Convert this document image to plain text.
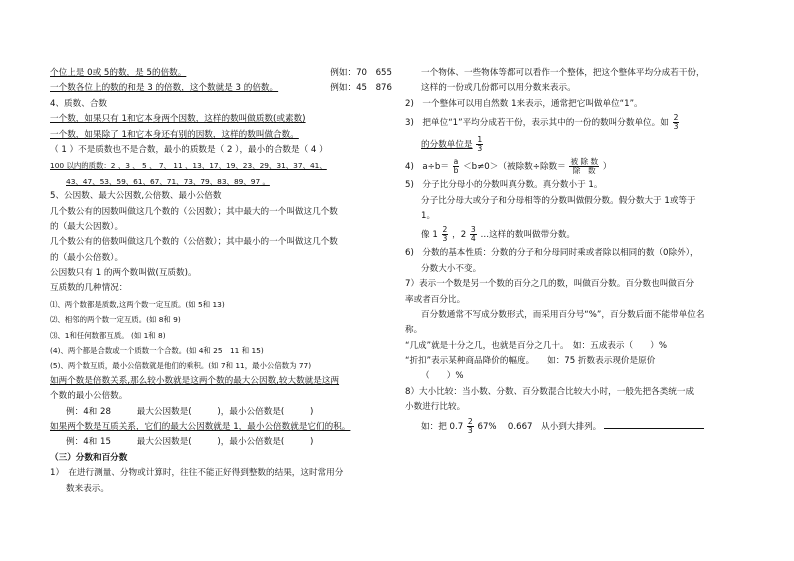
个位上是 0或 5的数，是 5的倍数。	例如：70　655
一个数各位上的数的和是 3 的倍数，这个数就是 3 的倍数。	例如：45　876
4、质数、合数
一个数，如果只有 1和它本身两个因数，这样的数叫做质数(或素数)
一个数，如果除了 1和它本身还有别的因数，这样的数叫做合数。
（ 1 ）不是质数也不是合数，最小的质数是（ 2 ），最小的合数是（ 4 ）
100 以内的质数：2 、3 、 5 、 7、 11 、13、17、19、23、29、31、37、41、
43、47、53、59、61、67、71、73、79、83、89、97 。
5、公因数、最大公因数,公倍数、最小公倍数
几个数公有的因数叫做这几个数的（公因数）；其中最大的一个叫做这几个数
的（最大公因数）。
几个数公有的倍数叫做这几个数的（公倍数）；其中最小的一个叫做这几个数
的（最小公倍数）。
公因数只有 1 的两个数叫做(互质数)。
互质数的几种情况：
⑴、两个数都是质数,这两个数一定互质。(如 5和 13)
⑵、相邻的两个数一定互质。(如 8和 9)
⑶、1和任何数都互质。 (如 1和 8)
(4)、两个都是合数或一个质数一个合数。(如 4和 25　11 和 15)
(5)、两个数互质，最小公倍数就是他们的乘积。(如 7和 11，最小公倍数为 77)
如两个数是倍数关系,那么较小数就是这两个数的最大公因数,较大数就是这两
个数的最小公倍数。
例：4和 28　　　	最大公因数是(　　　)，最小公倍数是(　　　)
如果两个数是互质关系，它们的最大公因数就是 1，最小公倍数就是它们的积。
例：4和 15　　　	最大公因数是(　　　)，最小公倍数是(　　　)
（三）分数和百分数
1）　在进行测量、分物或计算时，往往不能正好得到整数的结果，这时常用分
数来表示。
一个物体、一些物体等都可以看作一个整体，把这个整体平均分成若干份，
这样的一份或几份都可以用分数来表示。
2)　一个整体可以用自然数 1来表示，通常把它叫做单位“1”。
3)　把单位“1”平均分成若干份，表示其中的一份的数叫分数单位。如 $\frac{2}{3}$
的分数单位是 $\frac{1}{3}$
4)　$a\div b= \frac{a}{b} <b\ne 0>$（被除数÷除数＝ $\frac{\text{被 除 数}}{\text{除　数}}$ ）
5)　分子比分母小的分数叫真分数。真分数小于 1。
分子比分母大或分子和分母相等的分数叫做假分数。假分数大于 1或等于
1。
像 $1 \frac{2}{3}$ ，$2 \frac{3}{4}$ …这样的数叫做带分数。
6)　分数的基本性质：分数的分子和分母同时乘或者除以相同的数（0除外），
分数大小不变。
7）表示一个数是另一个数的百分之几的数，叫做百分数。百分数也叫做百分
率或者百分比。
百分数通常不写成分数形式，而采用百分号“%”，百分数后面不能带单位名
称。
“几成”就是十分之几，也就是百分之几十。　 如：五成表示（　　）%
“折扣”表示某种商品降价的幅度。　　如：75 折数表示现价是原价
（　　）%
8）大小比较：当小数、分数、百分数混合比较大小时，一般先把各类统一成
小数进行比较。
如：把 $0.7 \frac{2}{3} 67\%$　 0.667　从小到大排列。
